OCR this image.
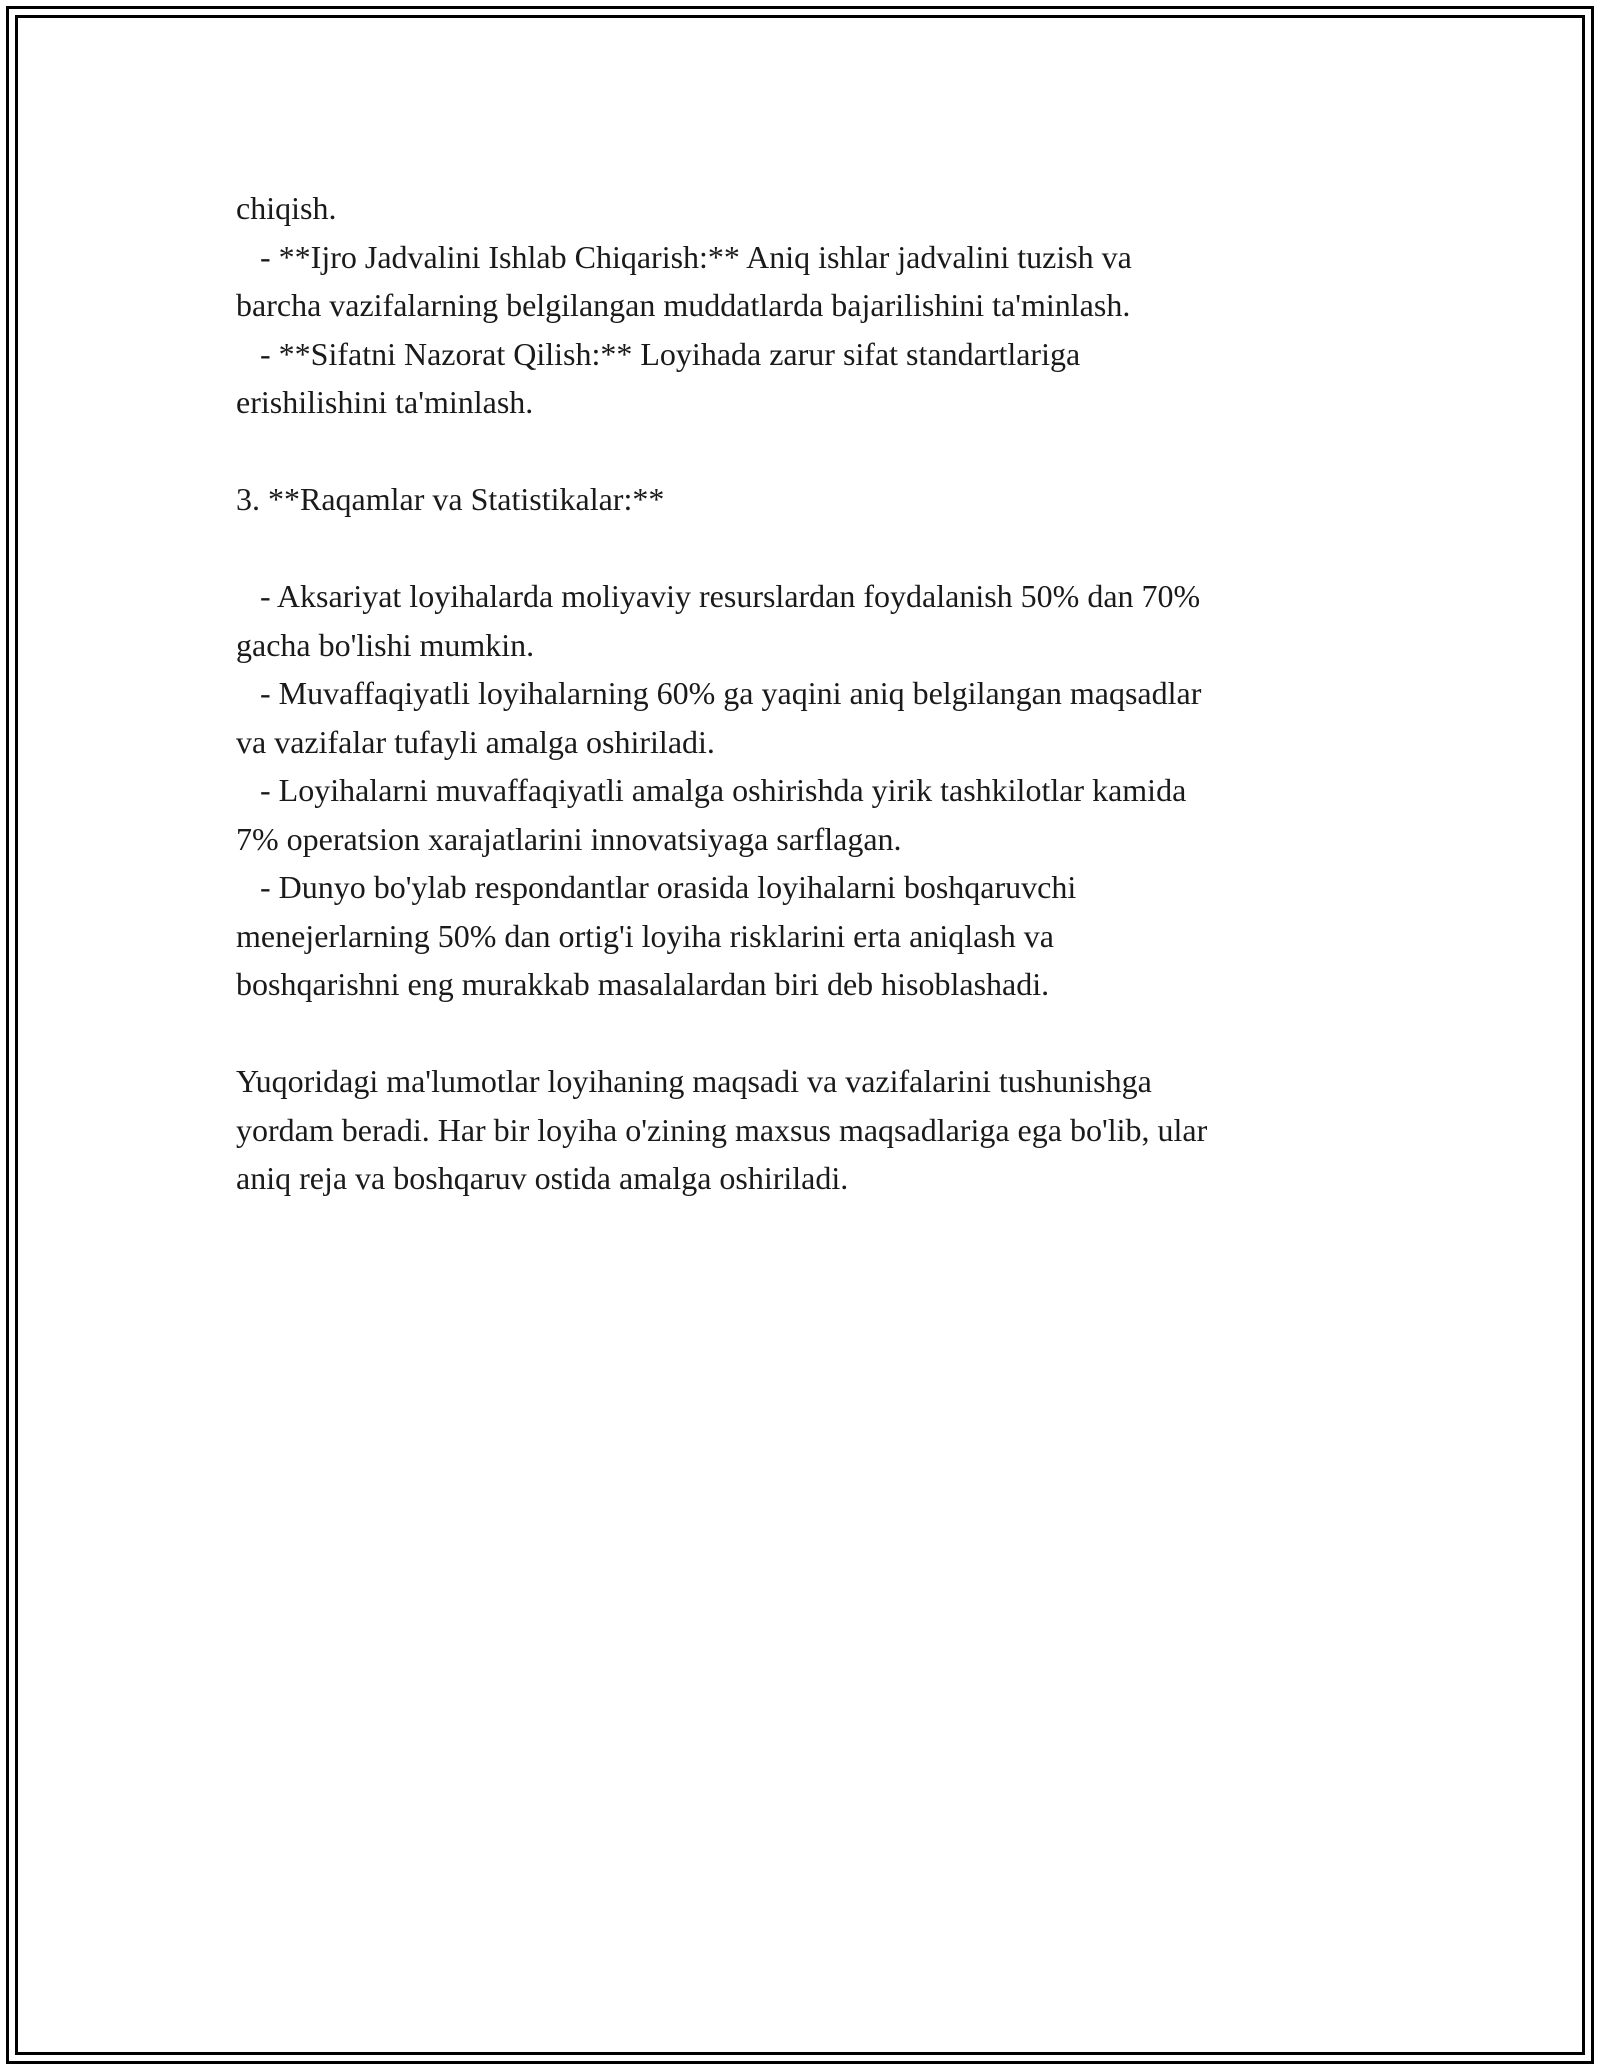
chiqish.
- **Ijro Jadvalini Ishlab Chiqarish:** Aniq ishlar jadvalini tuzish va
barcha vazifalarning belgilangan muddatlarda bajarilishini ta'minlash.
- **Sifatni Nazorat Qilish:** Loyihada zarur sifat standartlariga
erishilishini ta'minlash.
3. **Raqamlar va Statistikalar:**
- Aksariyat loyihalarda moliyaviy resurslardan foydalanish 50% dan 70%
gacha bo'lishi mumkin.
- Muvaffaqiyatli loyihalarning 60% ga yaqini aniq belgilangan maqsadlar
va vazifalar tufayli amalga oshiriladi.
- Loyihalarni muvaffaqiyatli amalga oshirishda yirik tashkilotlar kamida
7% operatsion xarajatlarini innovatsiyaga sarflagan.
- Dunyo bo'ylab respondantlar orasida loyihalarni boshqaruvchi
menejerlarning 50% dan ortig'i loyiha risklarini erta aniqlash va
boshqarishni eng murakkab masalalardan biri deb hisoblashadi.
Yuqoridagi ma'lumotlar loyihaning maqsadi va vazifalarini tushunishga
yordam beradi. Har bir loyiha o'zining maxsus maqsadlariga ega bo'lib, ular
aniq reja va boshqaruv ostida amalga oshiriladi.
